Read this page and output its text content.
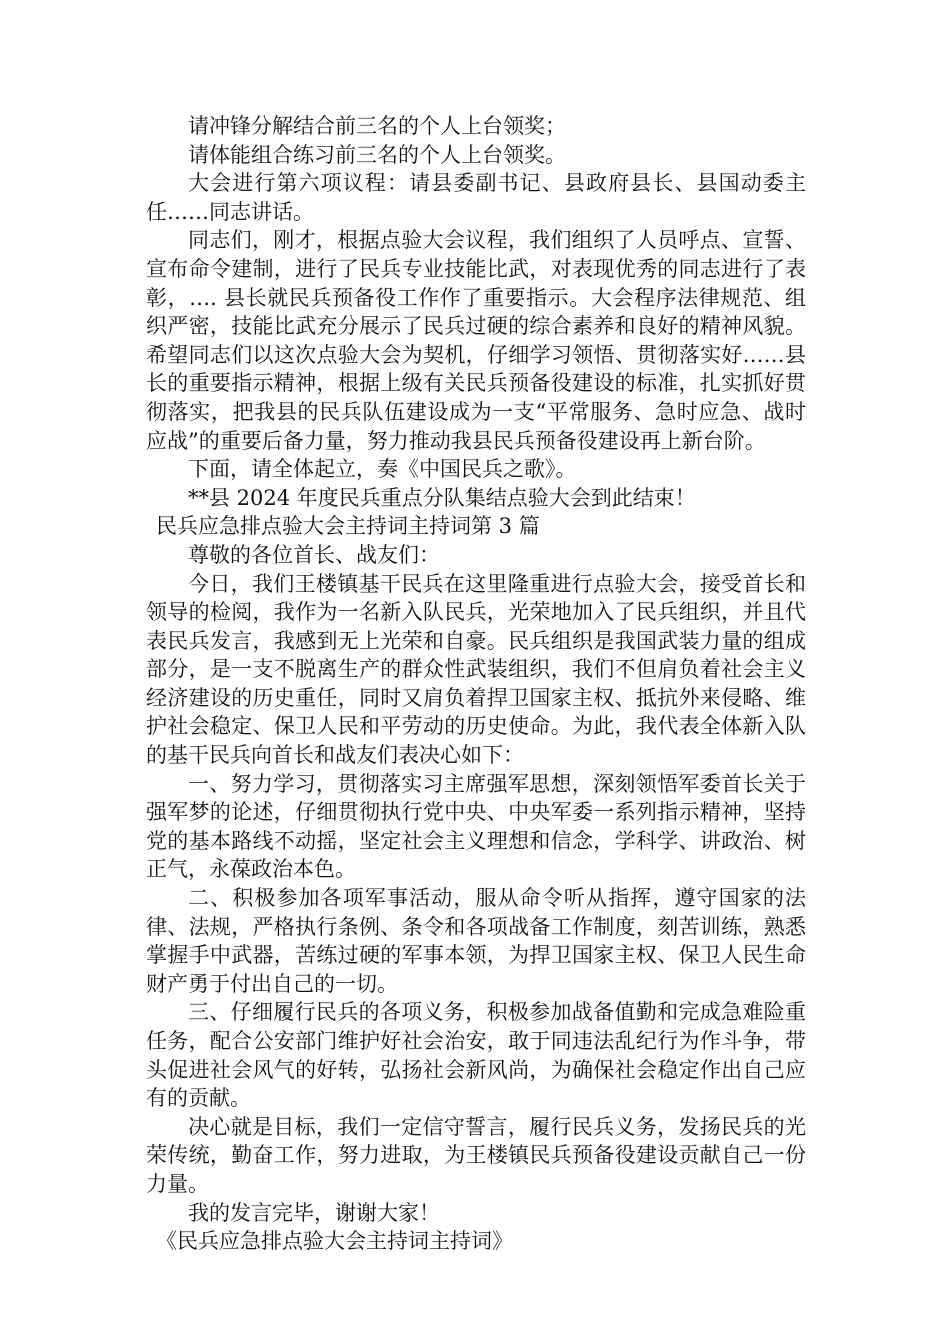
请冲锋分解结合前三名的个人上台领奖；

请体能组合练习前三名的个人上台领奖。

大会进行第六项议程：请县委副书记、县政府县长、县国动委主任……同志讲话。

同志们，刚才，根据点验大会议程，我们组织了人员呼点、宣誓、宣布命令建制，进行了民兵专业技能比武，对表现优秀的同志进行了表彰，…. 县长就民兵预备役工作作了重要指示。大会程序法律规范、组织严密，技能比武充分展示了民兵过硬的综合素养和良好的精神风貌。希望同志们以这次点验大会为契机，仔细学习领悟、贯彻落实好……县长的重要指示精神，根据上级有关民兵预备役建设的标准，扎实抓好贯彻落实，把我县的民兵队伍建设成为一支“平常服务、急时应急、战时应战”的重要后备力量，努力推动我县民兵预备役建设再上新台阶。

下面，请全体起立，奏《中国民兵之歌》。

**县 2024 年度民兵重点分队集结点验大会到此结束！

民兵应急排点验大会主持词主持词第 3 篇

尊敬的各位首长、战友们：

今日，我们王楼镇基干民兵在这里隆重进行点验大会，接受首长和领导的检阅，我作为一名新入队民兵，光荣地加入了民兵组织，并且代表民兵发言，我感到无上光荣和自豪。民兵组织是我国武装力量的组成部分，是一支不脱离生产的群众性武装组织，我们不但肩负着社会主义经济建设的历史重任，同时又肩负着捍卫国家主权、抵抗外来侵略、维护社会稳定、保卫人民和平劳动的历史使命。为此，我代表全体新入队的基干民兵向首长和战友们表决心如下：

一、努力学习，贯彻落实习主席强军思想，深刻领悟军委首长关于强军梦的论述，仔细贯彻执行党中央、中央军委一系列指示精神，坚持党的基本路线不动摇，坚定社会主义理想和信念，学科学、讲政治、树正气，永葆政治本色。

二、积极参加各项军事活动，服从命令听从指挥，遵守国家的法律、法规，严格执行条例、条令和各项战备工作制度，刻苦训练，熟悉掌握手中武器，苦练过硬的军事本领，为捍卫国家主权、保卫人民生命财产勇于付出自己的一切。

三、仔细履行民兵的各项义务，积极参加战备值勤和完成急难险重任务，配合公安部门维护好社会治安，敢于同违法乱纪行为作斗争，带头促进社会风气的好转，弘扬社会新风尚，为确保社会稳定作出自己应有的贡献。

决心就是目标，我们一定信守誓言，履行民兵义务，发扬民兵的光荣传统，勤奋工作，努力进取，为王楼镇民兵预备役建设贡献自己一份力量。

我的发言完毕，谢谢大家！

《民兵应急排点验大会主持词主持词》
